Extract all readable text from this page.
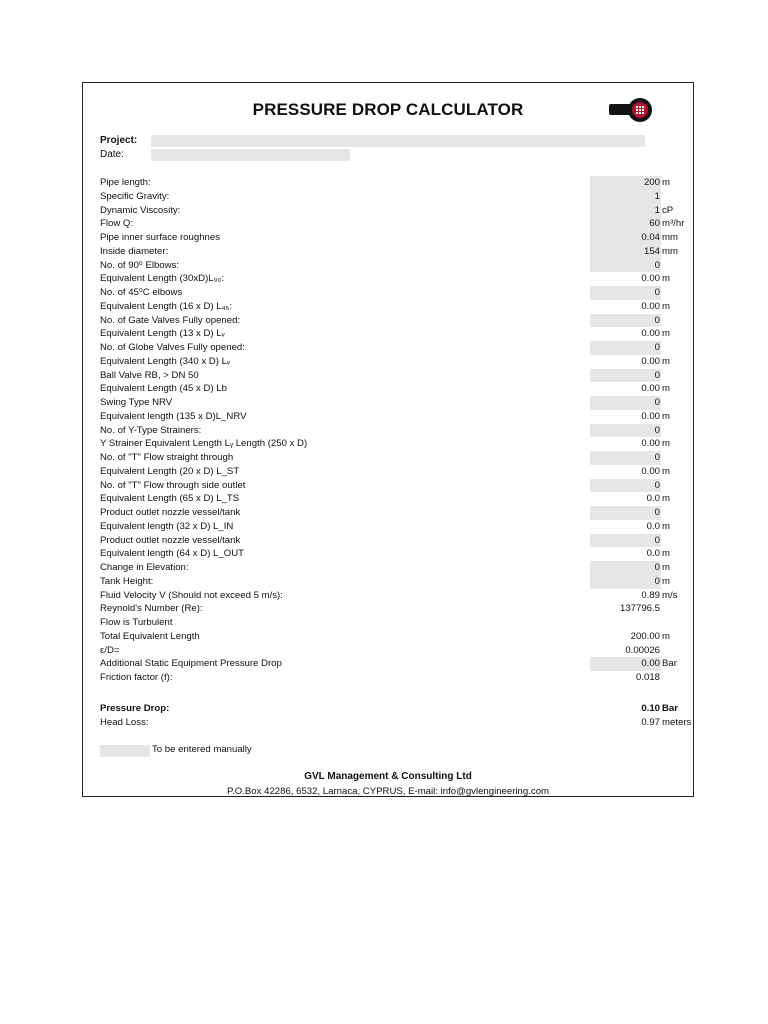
PRESSURE DROP CALCULATOR
Project:
Date:
Pipe length:	200 m
Specific Gravity:	1
Dynamic Viscosity:	1 cP
Flow Q:	60 m³/hr
Pipe inner surface roughnes	0.04 mm
Inside diameter:	154 mm
No. of 90⁰ Elbows:	0
Equivalent Length (30xD)L₉₀:	0.00 m
No. of 45⁰C elbows	0
Equivalent Length (16 x D) L₄₅:	0.00 m
No. of Gate Valves Fully opened:	0
Equivalent Length (13 x D) Lᵥ	0.00 m
No. of Globe Valves Fully opened:	0
Equivalent Length (340 x D) Lᵥ	0.00 m
Ball Valve RB, > DN 50	0
Equivalent Length (45 x D) Lb	0.00 m
Swing Type NRV	0
Equivalent length (135 x D)L_NRV	0.00 m
No. of Y-Type Strainers:	0
Y Strainer Equivalent Length Lᵧ Length (250 x D)	0.00 m
No. of "T" Flow straight through	0
Equivalent Length (20 x D) L_ST	0.00 m
No. of "T" Flow through side outlet	0
Equivalent Length (65 x D) L_TS	0.0 m
Product outlet nozzle vessel/tank	0
Equivalent length (32 x D) L_IN	0.0 m
Product outlet nozzle vessel/tank	0
Equivalent length (64 x D) L_OUT	0.0 m
Change in Elevation:	0 m
Tank Height:	0 m
Fluid Velocity V (Should not exceed 5 m/s):	0.89 m/s
Reynold's Number (Re):	137796.5
Flow is Turbulent
Total Equivalent Length	200.00 m
ε/D=	0.00026
Additional Static Equipment Pressure Drop	0.00 Bar
Friction factor (f):	0.018
Pressure Drop:	0.10 Bar
Head Loss:	0.97 meters
To be entered manually
GVL Management & Consulting Ltd
P.O.Box 42286, 6532, Larnaca, CYPRUS, E-mail: info@gvlengineering.com
